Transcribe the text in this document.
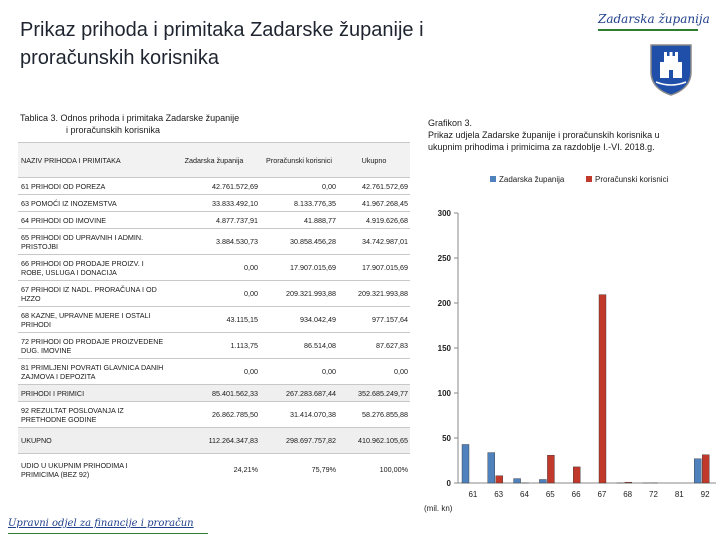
Prikaz prihoda i primitaka Zadarske županije i proračunskih korisnika
Zadarska županija
Tablica 3. Odnos prihoda i primitaka Zadarske županije
i proračunskih korisnika
NAZIV PRIHODA I PRIMITAKA	Zadarska županija	Proračunski korisnici	Ukupno
61 PRIHODI OD POREZA	42.761.572,69	0,00	42.761.572,69
63 POMOĆI IZ INOZEMSTVA	33.833.492,10	8.133.776,35	41.967.268,45
64 PRIHODI OD IMOVINE	4.877.737,91	41.888,77	4.919.626,68
65 PRIHODI OD UPRAVNIH I ADMIN. PRISTOJBI	3.884.530,73	30.858.456,28	34.742.987,01
66 PRIHODI OD PRODAJE PROIZV. I ROBE, USLUGA I DONACIJA	0,00	17.907.015,69	17.907.015,69
67 PRIHODI IZ NADL. PRORAČUNA I OD HZZO	0,00	209.321.993,88	209.321.993,88
68 KAZNE, UPRAVNE MJERE I OSTALI PRIHODI	43.115,15	934.042,49	977.157,64
72 PRIHODI OD PRODAJE PROIZVEDENE DUG. IMOVINE	1.113,75	86.514,08	87.627,83
81 PRIMLJENI POVRATI GLAVNICA DANIH ZAJMOVA I DEPOZITA	0,00	0,00	0,00
PRIHODI I PRIMICI	85.401.562,33	267.283.687,44	352.685.249,77
92 REZULTAT POSLOVANJA IZ PRETHODNE GODINE	26.862.785,50	31.414.070,38	58.276.855,88
UKUPNO	112.264.347,83	298.697.757,82	410.962.105,65
UDIO U UKUPNIM PRIHODIMA I PRIMICIMA (BEZ 92)	24,21%	75,79%	100,00%
Grafikon 3.
Prikaz udjela Zadarske županije i proračunskih korisnika u
ukupnim prihodima i primicima za razdoblje I.-VI. 2018.g.
0
50
100
150
200
250
300
61 63 64 65 66 67 68 72 81 92
(mil. kn)
Zadarska županija	Proračunski korisnici
Upravni odjel za financije i proračun
